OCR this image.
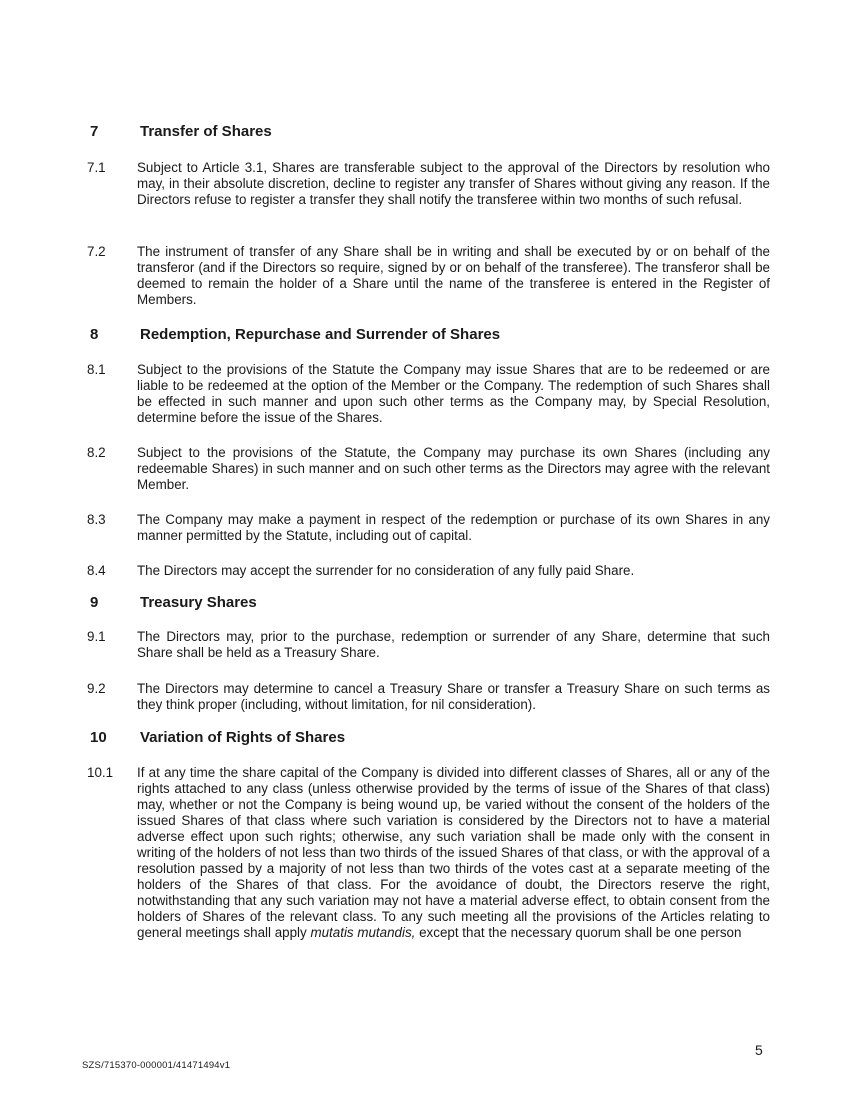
7	Transfer of Shares
7.1 Subject to Article 3.1, Shares are transferable subject to the approval of the Directors by resolution who may, in their absolute discretion, decline to register any transfer of Shares without giving any reason. If the Directors refuse to register a transfer they shall notify the transferee within two months of such refusal.
7.2 The instrument of transfer of any Share shall be in writing and shall be executed by or on behalf of the transferor (and if the Directors so require, signed by or on behalf of the transferee). The transferor shall be deemed to remain the holder of a Share until the name of the transferee is entered in the Register of Members.
8	Redemption, Repurchase and Surrender of Shares
8.1 Subject to the provisions of the Statute the Company may issue Shares that are to be redeemed or are liable to be redeemed at the option of the Member or the Company. The redemption of such Shares shall be effected in such manner and upon such other terms as the Company may, by Special Resolution, determine before the issue of the Shares.
8.2 Subject to the provisions of the Statute, the Company may purchase its own Shares (including any redeemable Shares) in such manner and on such other terms as the Directors may agree with the relevant Member.
8.3 The Company may make a payment in respect of the redemption or purchase of its own Shares in any manner permitted by the Statute, including out of capital.
8.4 The Directors may accept the surrender for no consideration of any fully paid Share.
9	Treasury Shares
9.1 The Directors may, prior to the purchase, redemption or surrender of any Share, determine that such Share shall be held as a Treasury Share.
9.2 The Directors may determine to cancel a Treasury Share or transfer a Treasury Share on such terms as they think proper (including, without limitation, for nil consideration).
10 Variation of Rights of Shares
10.1 If at any time the share capital of the Company is divided into different classes of Shares, all or any of the rights attached to any class (unless otherwise provided by the terms of issue of the Shares of that class) may, whether or not the Company is being wound up, be varied without the consent of the holders of the issued Shares of that class where such variation is considered by the Directors not to have a material adverse effect upon such rights; otherwise, any such variation shall be made only with the consent in writing of the holders of not less than two thirds of the issued Shares of that class, or with the approval of a resolution passed by a majority of not less than two thirds of the votes cast at a separate meeting of the holders of the Shares of that class. For the avoidance of doubt, the Directors reserve the right, notwithstanding that any such variation may not have a material adverse effect, to obtain consent from the holders of Shares of the relevant class. To any such meeting all the provisions of the Articles relating to general meetings shall apply mutatis mutandis, except that the necessary quorum shall be one person
5
SZS/715370-000001/41471494v1
